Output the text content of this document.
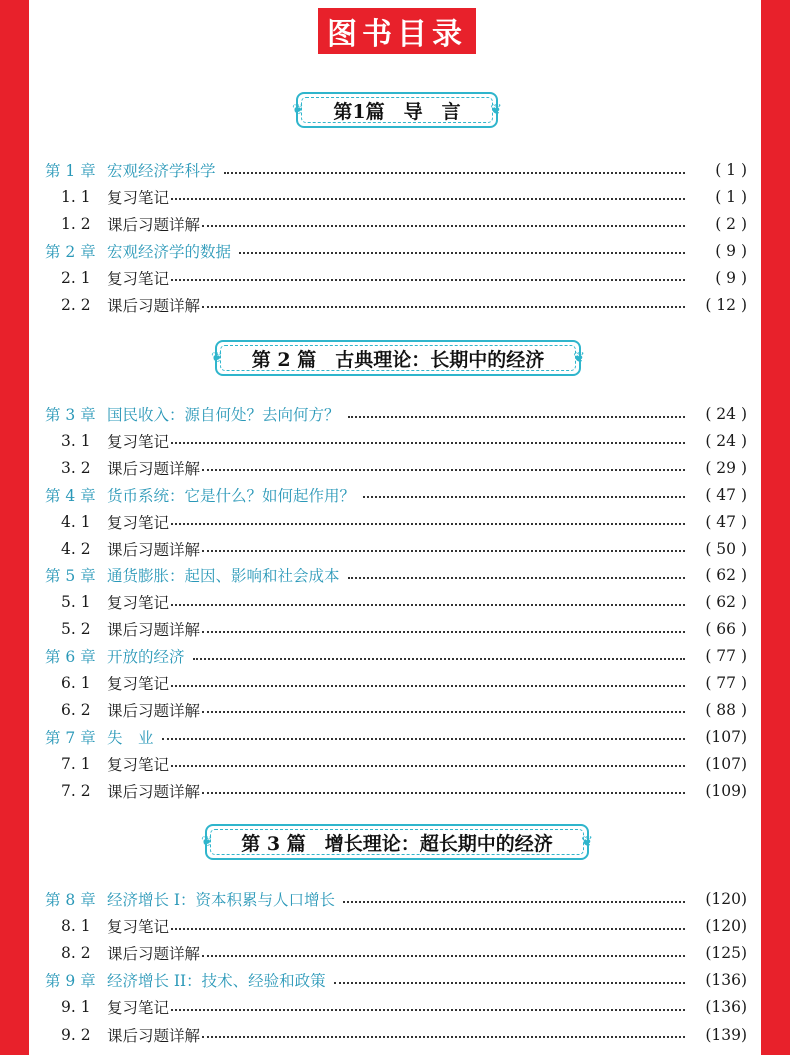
图书目录
❦ 第1篇　导　言 ❦
第 1 章 宏观经济学科学	( 1 )
1. 1	复习笔记	( 1 )
1. 2	课后习题详解	( 2 )
第 2 章 宏观经济学的数据	( 9 )
2. 1	复习笔记	( 9 )
2. 2	课后习题详解	( 12 )
❦ 第 2 篇　古典理论：长期中的经济 ❦
第 3 章 国民收入：源自何处？去向何方？	( 24 )
3. 1	复习笔记	( 24 )
3. 2	课后习题详解	( 29 )
第 4 章 货币系统：它是什么？如何起作用？	( 47 )
4. 1	复习笔记	( 47 )
4. 2	课后习题详解	( 50 )
第 5 章 通货膨胀：起因、影响和社会成本	( 62 )
5. 1	复习笔记	( 62 )
5. 2	课后习题详解	( 66 )
第 6 章 开放的经济	( 77 )
6. 1	复习笔记	( 77 )
6. 2	课后习题详解	( 88 )
第 7 章 失　业	(107)
7. 1	复习笔记	(107)
7. 2	课后习题详解	(109)
❦ 第 3 篇　增长理论：超长期中的经济 ❦
第 8 章 经济增长 I：资本积累与人口增长	(120)
8. 1	复习笔记	(120)
8. 2	课后习题详解	(125)
第 9 章 经济增长 II：技术、经验和政策	(136)
9. 1	复习笔记	(136)
9. 2	课后习题详解	(139)
